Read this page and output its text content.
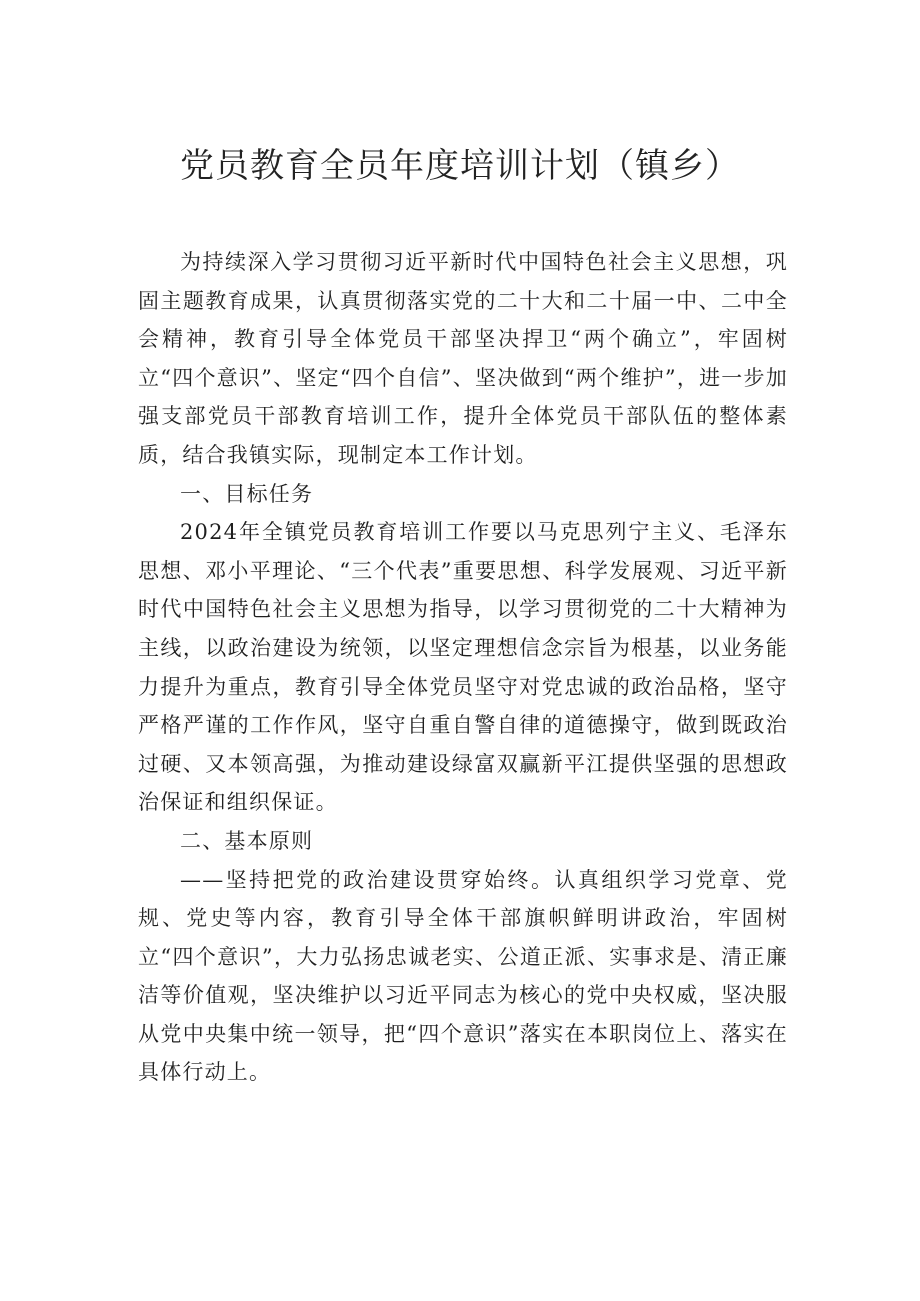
党员教育全员年度培训计划（镇乡）

为持续深入学习贯彻习近平新时代中国特色社会主义思想，巩固主题教育成果，认真贯彻落实党的二十大和二十届一中、二中全会精神，教育引导全体党员干部坚决捍卫“两个确立”，牢固树立“四个意识”、坚定“四个自信”、坚决做到“两个维护”，进一步加强支部党员干部教育培训工作，提升全体党员干部队伍的整体素质，结合我镇实际，现制定本工作计划。

一、目标任务

2024年全镇党员教育培训工作要以马克思列宁主义、毛泽东思想、邓小平理论、“三个代表”重要思想、科学发展观、习近平新时代中国特色社会主义思想为指导，以学习贯彻党的二十大精神为主线，以政治建设为统领，以坚定理想信念宗旨为根基，以业务能力提升为重点，教育引导全体党员坚守对党忠诚的政治品格，坚守严格严谨的工作作风，坚守自重自警自律的道德操守，做到既政治过硬、又本领高强，为推动建设绿富双赢新平江提供坚强的思想政治保证和组织保证。

二、基本原则

——坚持把党的政治建设贯穿始终。认真组织学习党章、党规、党史等内容，教育引导全体干部旗帜鲜明讲政治，牢固树立“四个意识”，大力弘扬忠诚老实、公道正派、实事求是、清正廉洁等价值观，坚决维护以习近平同志为核心的党中央权威，坚决服从党中央集中统一领导，把“四个意识”落实在本职岗位上、落实在具体行动上。
